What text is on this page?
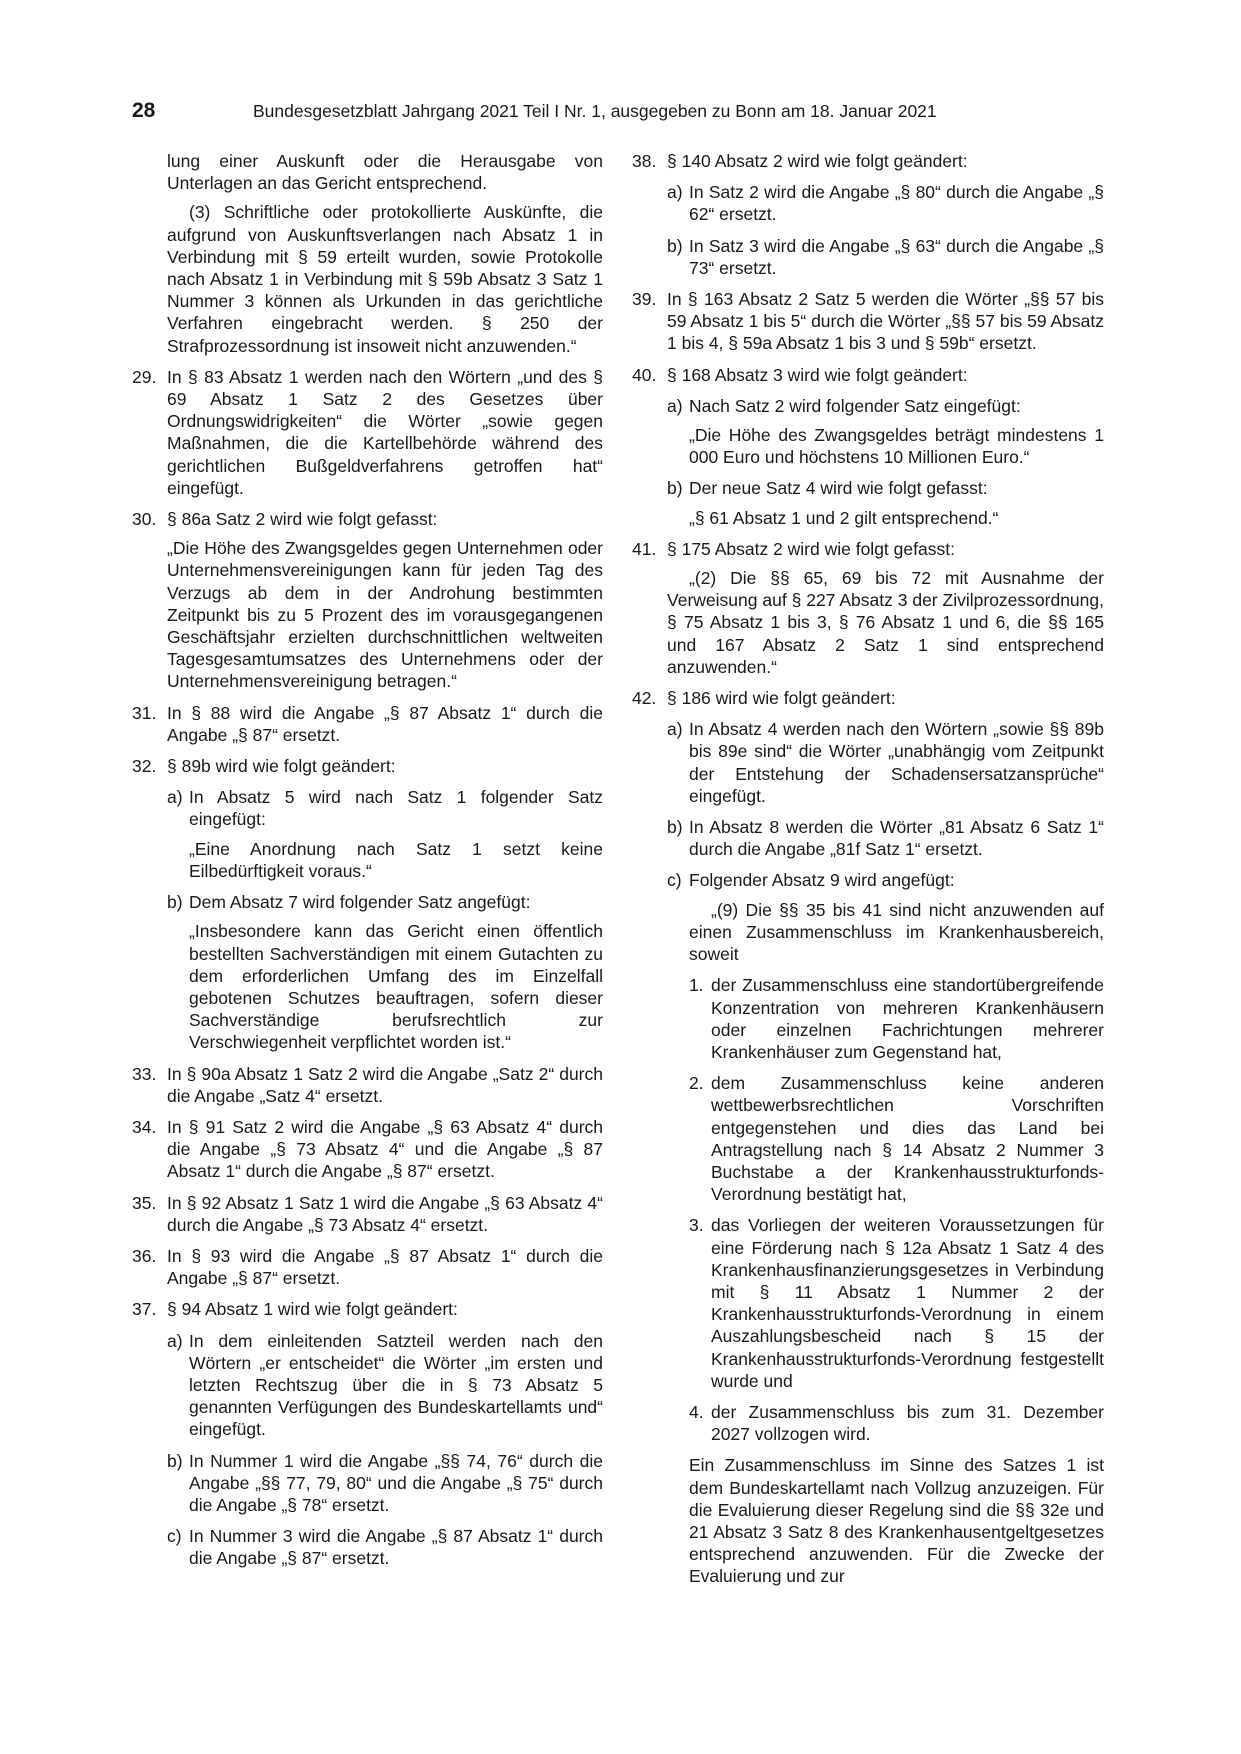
28	Bundesgesetzblatt Jahrgang 2021 Teil I Nr. 1, ausgegeben zu Bonn am 18. Januar 2021
lung einer Auskunft oder die Herausgabe von Unterlagen an das Gericht entsprechend.
(3) Schriftliche oder protokollierte Auskünfte, die aufgrund von Auskunftsverlangen nach Absatz 1 in Verbindung mit § 59 erteilt wurden, sowie Protokolle nach Absatz 1 in Verbindung mit § 59b Absatz 3 Satz 1 Nummer 3 können als Urkunden in das gerichtliche Verfahren eingebracht werden. § 250 der Strafprozessordnung ist insoweit nicht anzuwenden.“
29. In § 83 Absatz 1 werden nach den Wörtern „und des § 69 Absatz 1 Satz 2 des Gesetzes über Ordnungswidrigkeiten“ die Wörter „sowie gegen Maßnahmen, die die Kartellbehörde während des gerichtlichen Bußgeldverfahrens getroffen hat“ eingefügt.
30. § 86a Satz 2 wird wie folgt gefasst:
„Die Höhe des Zwangsgeldes gegen Unternehmen oder Unternehmensvereinigungen kann für jeden Tag des Verzugs ab dem in der Androhung bestimmten Zeitpunkt bis zu 5 Prozent des im vorausgegangenen Geschäftsjahr erzielten durchschnittlichen weltweiten Tagesgesamtumsatzes des Unternehmens oder der Unternehmensvereinigung betragen.“
31. In § 88 wird die Angabe „§ 87 Absatz 1“ durch die Angabe „§ 87“ ersetzt.
32. § 89b wird wie folgt geändert:
a) In Absatz 5 wird nach Satz 1 folgender Satz eingefügt:
„Eine Anordnung nach Satz 1 setzt keine Eilbedürftigkeit voraus.“
b) Dem Absatz 7 wird folgender Satz angefügt:
„Insbesondere kann das Gericht einen öffentlich bestellten Sachverständigen mit einem Gutachten zu dem erforderlichen Umfang des im Einzelfall gebotenen Schutzes beauftragen, sofern dieser Sachverständige berufsrechtlich zur Verschwiegenheit verpflichtet worden ist.“
33. In § 90a Absatz 1 Satz 2 wird die Angabe „Satz 2“ durch die Angabe „Satz 4“ ersetzt.
34. In § 91 Satz 2 wird die Angabe „§ 63 Absatz 4“ durch die Angabe „§ 73 Absatz 4“ und die Angabe „§ 87 Absatz 1“ durch die Angabe „§ 87“ ersetzt.
35. In § 92 Absatz 1 Satz 1 wird die Angabe „§ 63 Absatz 4“ durch die Angabe „§ 73 Absatz 4“ ersetzt.
36. In § 93 wird die Angabe „§ 87 Absatz 1“ durch die Angabe „§ 87“ ersetzt.
37. § 94 Absatz 1 wird wie folgt geändert:
a) In dem einleitenden Satzteil werden nach den Wörtern „er entscheidet“ die Wörter „im ersten und letzten Rechtszug über die in § 73 Absatz 5 genannten Verfügungen des Bundeskartellamts und“ eingefügt.
b) In Nummer 1 wird die Angabe „§§ 74, 76“ durch die Angabe „§§ 77, 79, 80“ und die Angabe „§ 75“ durch die Angabe „§ 78“ ersetzt.
c) In Nummer 3 wird die Angabe „§ 87 Absatz 1“ durch die Angabe „§ 87“ ersetzt.
38. § 140 Absatz 2 wird wie folgt geändert:
a) In Satz 2 wird die Angabe „§ 80“ durch die Angabe „§ 62“ ersetzt.
b) In Satz 3 wird die Angabe „§ 63“ durch die Angabe „§ 73“ ersetzt.
39. In § 163 Absatz 2 Satz 5 werden die Wörter „§§ 57 bis 59 Absatz 1 bis 5“ durch die Wörter „§§ 57 bis 59 Absatz 1 bis 4, § 59a Absatz 1 bis 3 und § 59b“ ersetzt.
40. § 168 Absatz 3 wird wie folgt geändert:
a) Nach Satz 2 wird folgender Satz eingefügt:
„Die Höhe des Zwangsgeldes beträgt mindestens 1 000 Euro und höchstens 10 Millionen Euro.“
b) Der neue Satz 4 wird wie folgt gefasst:
„§ 61 Absatz 1 und 2 gilt entsprechend.“
41. § 175 Absatz 2 wird wie folgt gefasst:
„(2) Die §§ 65, 69 bis 72 mit Ausnahme der Verweisung auf § 227 Absatz 3 der Zivilprozessordnung, § 75 Absatz 1 bis 3, § 76 Absatz 1 und 6, die §§ 165 und 167 Absatz 2 Satz 1 sind entsprechend anzuwenden.“
42. § 186 wird wie folgt geändert:
a) In Absatz 4 werden nach den Wörtern „sowie §§ 89b bis 89e sind“ die Wörter „unabhängig vom Zeitpunkt der Entstehung der Schadensersatzansprüche“ eingefügt.
b) In Absatz 8 werden die Wörter „81 Absatz 6 Satz 1“ durch die Angabe „81f Satz 1“ ersetzt.
c) Folgender Absatz 9 wird angefügt:
„(9) Die §§ 35 bis 41 sind nicht anzuwenden auf einen Zusammenschluss im Krankenhausbereich, soweit
1. der Zusammenschluss eine standortübergreifende Konzentration von mehreren Krankenhäusern oder einzelnen Fachrichtungen mehrerer Krankenhäuser zum Gegenstand hat,
2. dem Zusammenschluss keine anderen wettbewerbsrechtlichen Vorschriften entgegenstehen und dies das Land bei Antragstellung nach § 14 Absatz 2 Nummer 3 Buchstabe a der Krankenhausstrukturfonds-Verordnung bestätigt hat,
3. das Vorliegen der weiteren Voraussetzungen für eine Förderung nach § 12a Absatz 1 Satz 4 des Krankenhausfinanzierungsgesetzes in Verbindung mit § 11 Absatz 1 Nummer 2 der Krankenhausstrukturfonds-Verordnung in einem Auszahlungsbescheid nach § 15 der Krankenhausstrukturfonds-Verordnung festgestellt wurde und
4. der Zusammenschluss bis zum 31. Dezember 2027 vollzogen wird.
Ein Zusammenschluss im Sinne des Satzes 1 ist dem Bundeskartellamt nach Vollzug anzuzeigen. Für die Evaluierung dieser Regelung sind die §§ 32e und 21 Absatz 3 Satz 8 des Krankenhausentgeltgesetzes entsprechend anzuwenden. Für die Zwecke der Evaluierung und zur
